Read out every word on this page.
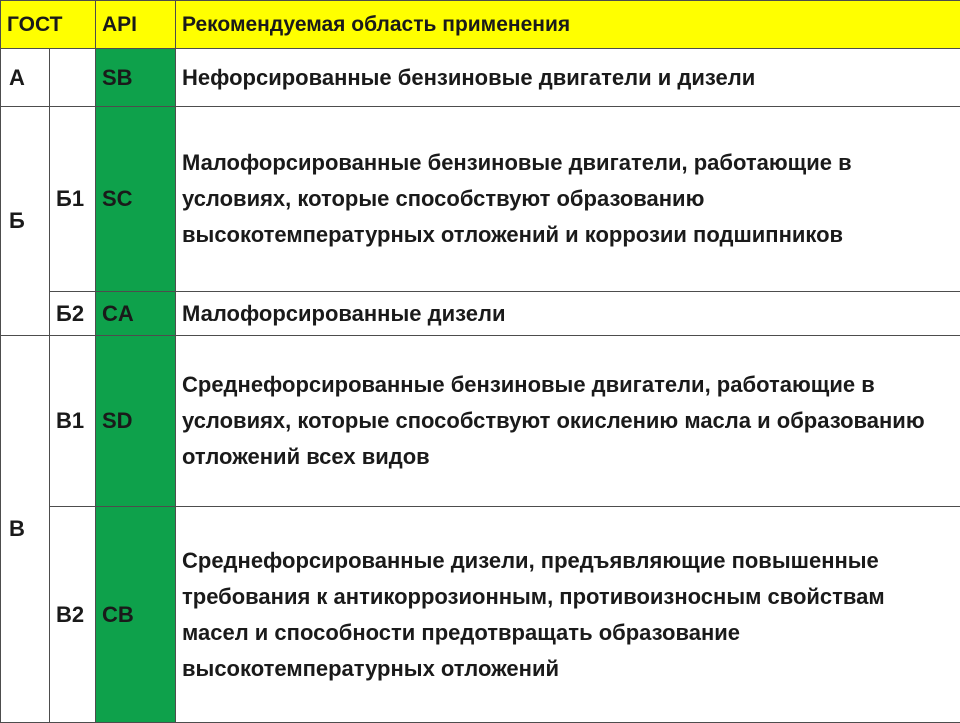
ГОСТ		API	Рекомендуемая область применения
А		SB	Нефорсированные бензиновые двигатели и дизели
Б	Б1	SC	Малофорсированные бензиновые двигатели, работающие в условиях, которые способствуют образованию высокотемпературных отложений и коррозии подшипников
	Б2	CA	Малофорсированные дизели
В	В1	SD	Среднефорсированные бензиновые двигатели, работающие в условиях, которые способствуют окислению масла и образованию отложений всех видов
	В2	CB	Среднефорсированные дизели, предъявляющие повышенные требования к антикоррозионным, противоизносным свойствам масел и способности предотвращать образование высокотемпературных отложений
